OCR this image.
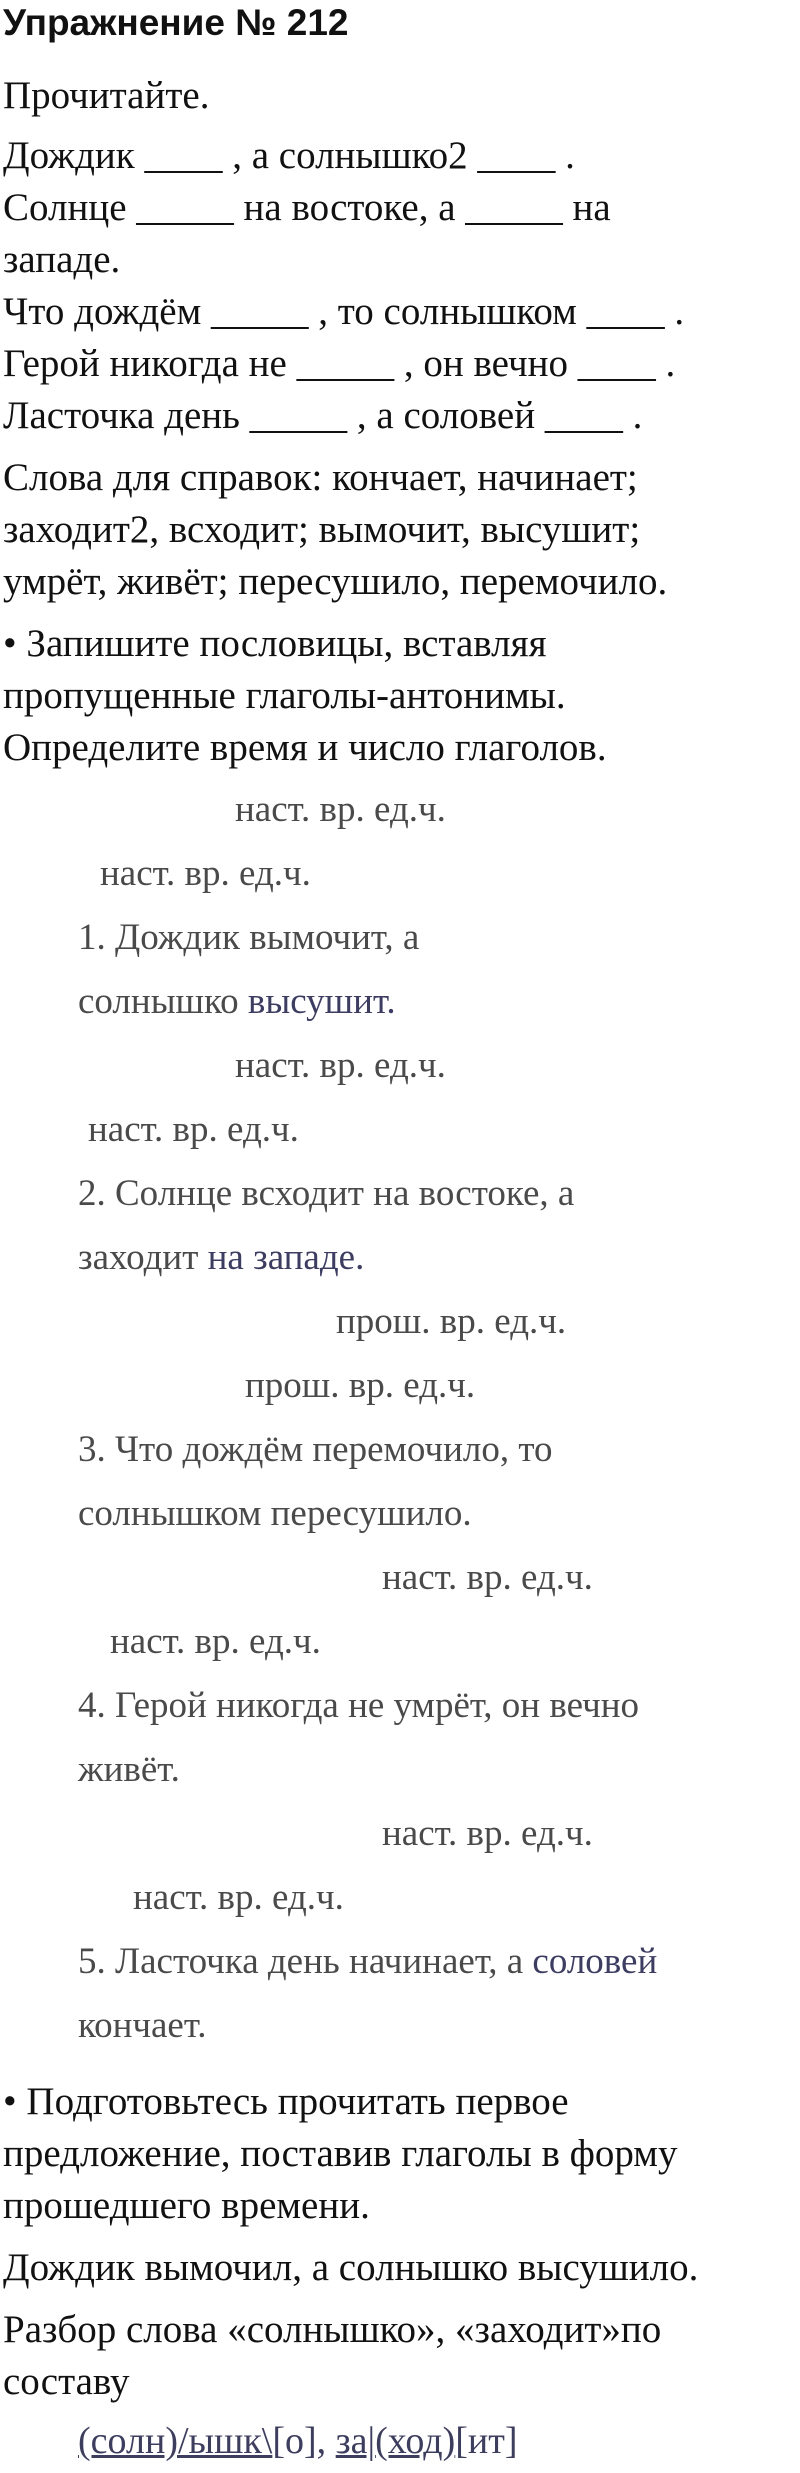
Упражнение № 212
Прочитайте.
Дождик ____ , а солнышко2 ____ .
Солнце _____ на востоке, а _____ на
западе.
Что дождём _____ , то солнышком ____ .
Герой никогда не _____ , он вечно ____ .
Ласточка день _____ , а соловей ____ .
Слова для справок: кончает, начинает;
заходит2, всходит; вымочит, высушит;
умрёт, живёт; пересушило, перемочило.
• Запишите пословицы, вставляя
пропущенные глаголы-антонимы.
Определите время и число глаголов.
наст. вр. ед.ч.
наст. вр. ед.ч.
1. Дождик вымочит, а
солнышко высушит.
наст. вр. ед.ч.
наст. вр. ед.ч.
2. Солнце всходит на востоке, а
заходит на западе.
прош. вр. ед.ч.
прош. вр. ед.ч.
3. Что дождём перемочило, то
солнышком пересушило.
наст. вр. ед.ч.
наст. вр. ед.ч.
4. Герой никогда не умрёт, он вечно
живёт.
наст. вр. ед.ч.
наст. вр. ед.ч.
5. Ласточка день начинает, а соловей
кончает.
• Подготовьтесь прочитать первое
предложение, поставив глаголы в форму
прошедшего времени.
Дождик вымочил, а солнышко высушило.
Разбор слова «солнышко», «заходит»по
составу
(солн)/ышк\[о], за|(ход)[ит]
